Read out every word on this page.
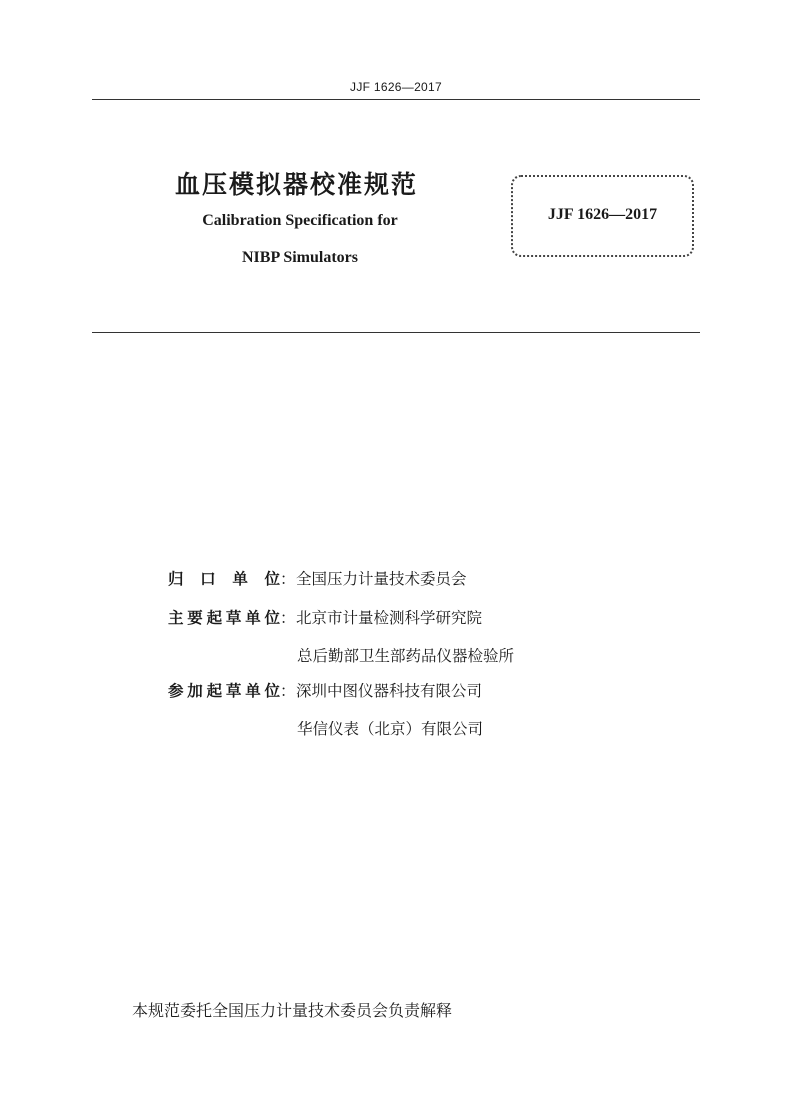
JJF 1626—2017
血压模拟器校准规范
Calibration Specification for
NIBP Simulators
JJF 1626—2017
归口单位：全国压力计量技术委员会
主要起草单位：北京市计量检测科学研究院
总后勤部卫生部药品仪器检验所
参加起草单位：深圳中图仪器科技有限公司
华信仪表（北京）有限公司
本规范委托全国压力计量技术委员会负责解释
